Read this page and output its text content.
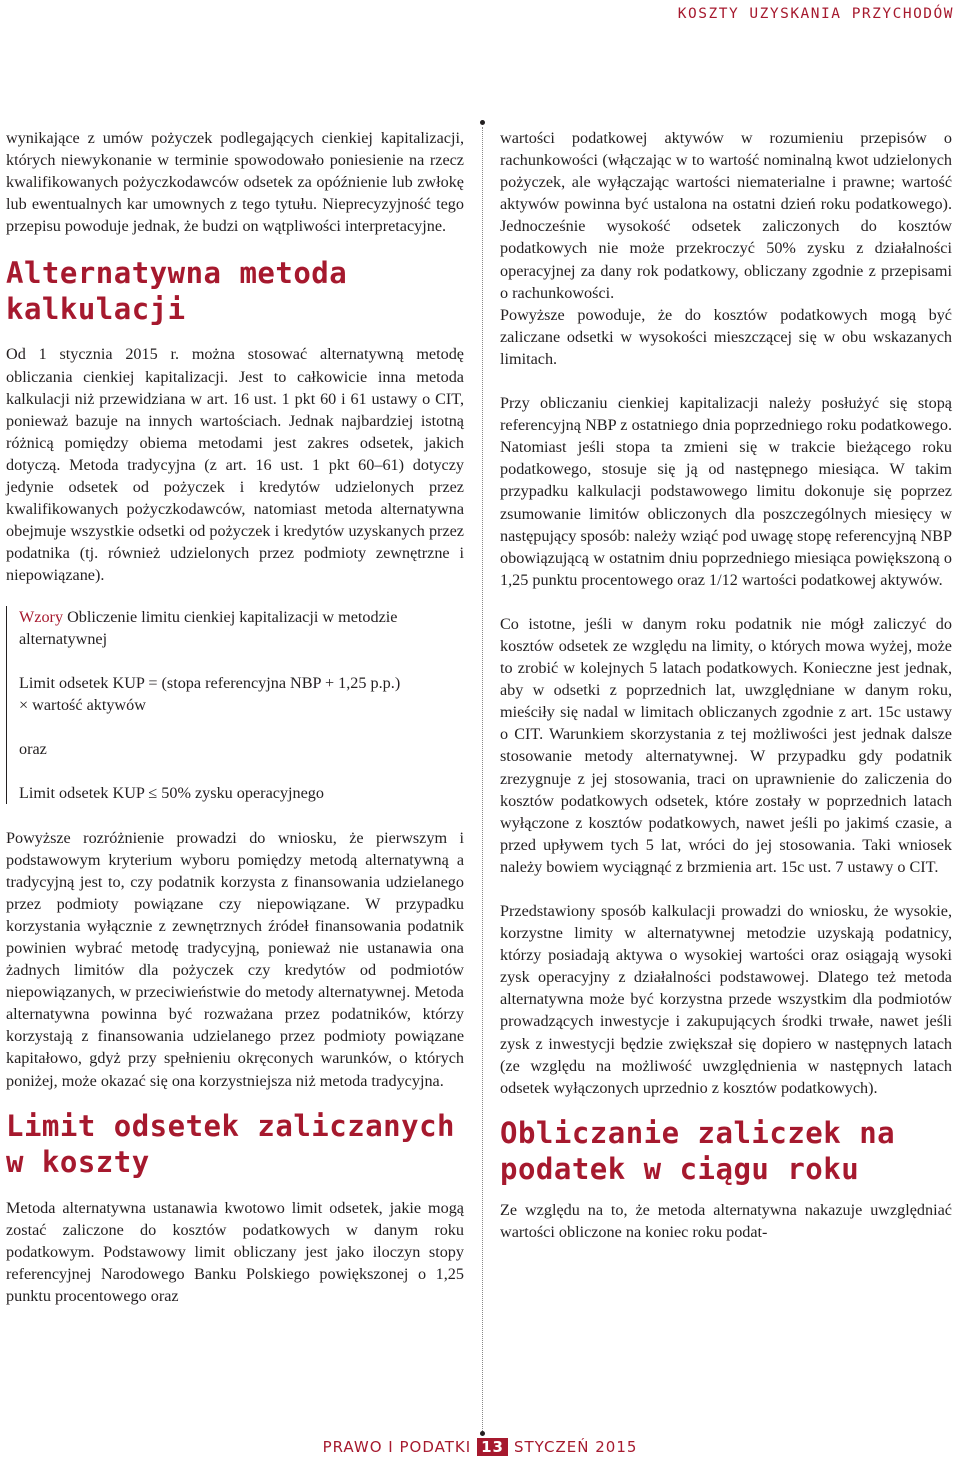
KOSZTY UZYSKANIA PRZYCHODÓW

wynikające z umów pożyczek podlegających cienkiej kapitalizacji, których niewykonanie w terminie spowodowało poniesienie na rzecz kwalifikowanych pożyczkodawców odsetek za opóźnienie lub zwłokę lub ewentualnych kar umownych z tego tytułu. Nieprecyzyjność tego przepisu powoduje jednak, że budzi on wątpliwości interpretacyjne.

Alternatywna metoda kalkulacji

Od 1 stycznia 2015 r. można stosować alternatywną metodę obliczania cienkiej kapitalizacji. Jest to całkowicie inna metoda kalkulacji niż przewidziana w art. 16 ust. 1 pkt 60 i 61 ustawy o CIT, ponieważ bazuje na innych wartościach. Jednak najbardziej istotną różnicą pomiędzy obiema metodami jest zakres odsetek, jakich dotyczą. Metoda tradycyjna (z art. 16 ust. 1 pkt 60–61) dotyczy jedynie odsetek od pożyczek i kredytów udzielonych przez kwalifikowanych pożyczkodawców, natomiast metoda alternatywna obejmuje wszystkie odsetki od pożyczek i kredytów uzyskanych przez podatnika (tj. również udzielonych przez podmioty zewnętrzne i niepowiązane).

Wzory Obliczenie limitu cienkiej kapitalizacji w metodzie alternatywnej
Limit odsetek KUP = (stopa referencyjna NBP + 1,25 p.p.)
× wartość aktywów
oraz
Limit odsetek KUP ≤ 50% zysku operacyjnego

Powyższe rozróżnienie prowadzi do wniosku, że pierwszym i podstawowym kryterium wyboru pomiędzy metodą alternatywną a tradycyjną jest to, czy podatnik korzysta z finansowania udzielanego przez podmioty powiązane czy niepowiązane. W przypadku korzystania wyłącznie z zewnętrznych źródeł finansowania podatnik powinien wybrać metodę tradycyjną, ponieważ nie ustanawia ona żadnych limitów dla pożyczek czy kredytów od podmiotów niepowiązanych, w przeciwieństwie do metody alternatywnej. Metoda alternatywna powinna być rozważana przez podatników, którzy korzystają z finansowania udzielanego przez podmioty powiązane kapitałowo, gdyż przy spełnieniu okręconych warunków, o których poniżej, może okazać się ona korzystniejsza niż metoda tradycyjna.

Limit odsetek zaliczanych w koszty

Metoda alternatywna ustanawia kwotowo limit odsetek, jakie mogą zostać zaliczone do kosztów podatkowych w danym roku podatkowym. Podstawowy limit obliczany jest jako iloczyn stopy referencyjnej Narodowego Banku Polskiego powiększonej o 1,25 punktu procentowego oraz

wartości podatkowej aktywów w rozumieniu przepisów o rachunkowości (włączając w to wartość nominalną kwot udzielonych pożyczek, ale wyłączając wartości niematerialne i prawne; wartość aktywów powinna być ustalona na ostatni dzień roku podatkowego). Jednocześnie wysokość odsetek zaliczonych do kosztów podatkowych nie może przekroczyć 50% zysku z działalności operacyjnej za dany rok podatkowy, obliczany zgodnie z przepisami o rachunkowości.

Powyższe powoduje, że do kosztów podatkowych mogą być zaliczane odsetki w wysokości mieszczącej się w obu wskazanych limitach.

Przy obliczaniu cienkiej kapitalizacji należy posłużyć się stopą referencyjną NBP z ostatniego dnia poprzedniego roku podatkowego. Natomiast jeśli stopa ta zmieni się w trakcie bieżącego roku podatkowego, stosuje się ją od następnego miesiąca. W takim przypadku kalkulacji podstawowego limitu dokonuje się poprzez zsumowanie limitów obliczonych dla poszczególnych miesięcy w następujący sposób: należy wziąć pod uwagę stopę referencyjną NBP obowiązującą w ostatnim dniu poprzedniego miesiąca powiększoną o 1,25 punktu procentowego oraz 1/12 wartości podatkowej aktywów.

Co istotne, jeśli w danym roku podatnik nie mógł zaliczyć do kosztów odsetek ze względu na limity, o których mowa wyżej, może to zrobić w kolejnych 5 latach podatkowych. Konieczne jest jednak, aby w odsetki z poprzednich lat, uwzględniane w danym roku, mieściły się nadal w limitach obliczanych zgodnie z art. 15c ustawy o CIT. Warunkiem skorzystania z tej możliwości jest jednak dalsze stosowanie metody alternatywnej. W przypadku gdy podatnik zrezygnuje z jej stosowania, traci on uprawnienie do zaliczenia do kosztów podatkowych odsetek, które zostały w poprzednich latach wyłączone z kosztów podatkowych, nawet jeśli po jakimś czasie, a przed upływem tych 5 lat, wróci do jej stosowania. Taki wniosek należy bowiem wyciągnąć z brzmienia art. 15c ust. 7 ustawy o CIT.

Przedstawiony sposób kalkulacji prowadzi do wniosku, że wysokie, korzystne limity w alternatywnej metodzie uzyskają podatnicy, którzy posiadają aktywa o wysokiej wartości oraz osiągają wysoki zysk operacyjny z działalności podstawowej. Dlatego też metoda alternatywna może być korzystna przede wszystkim dla podmiotów prowadzących inwestycje i zakupujących środki trwałe, nawet jeśli zysk z inwestycji będzie zwiększał się dopiero w następnych latach (ze względu na możliwość uwzględnienia w następnych latach odsetek wyłączonych uprzednio z kosztów podatkowych).

Obliczanie zaliczek na podatek w ciągu roku

Ze względu na to, że metoda alternatywna nakazuje uwzględniać wartości obliczone na koniec roku podat-

PRAWO I PODATKI 13 STYCZEŃ 2015
